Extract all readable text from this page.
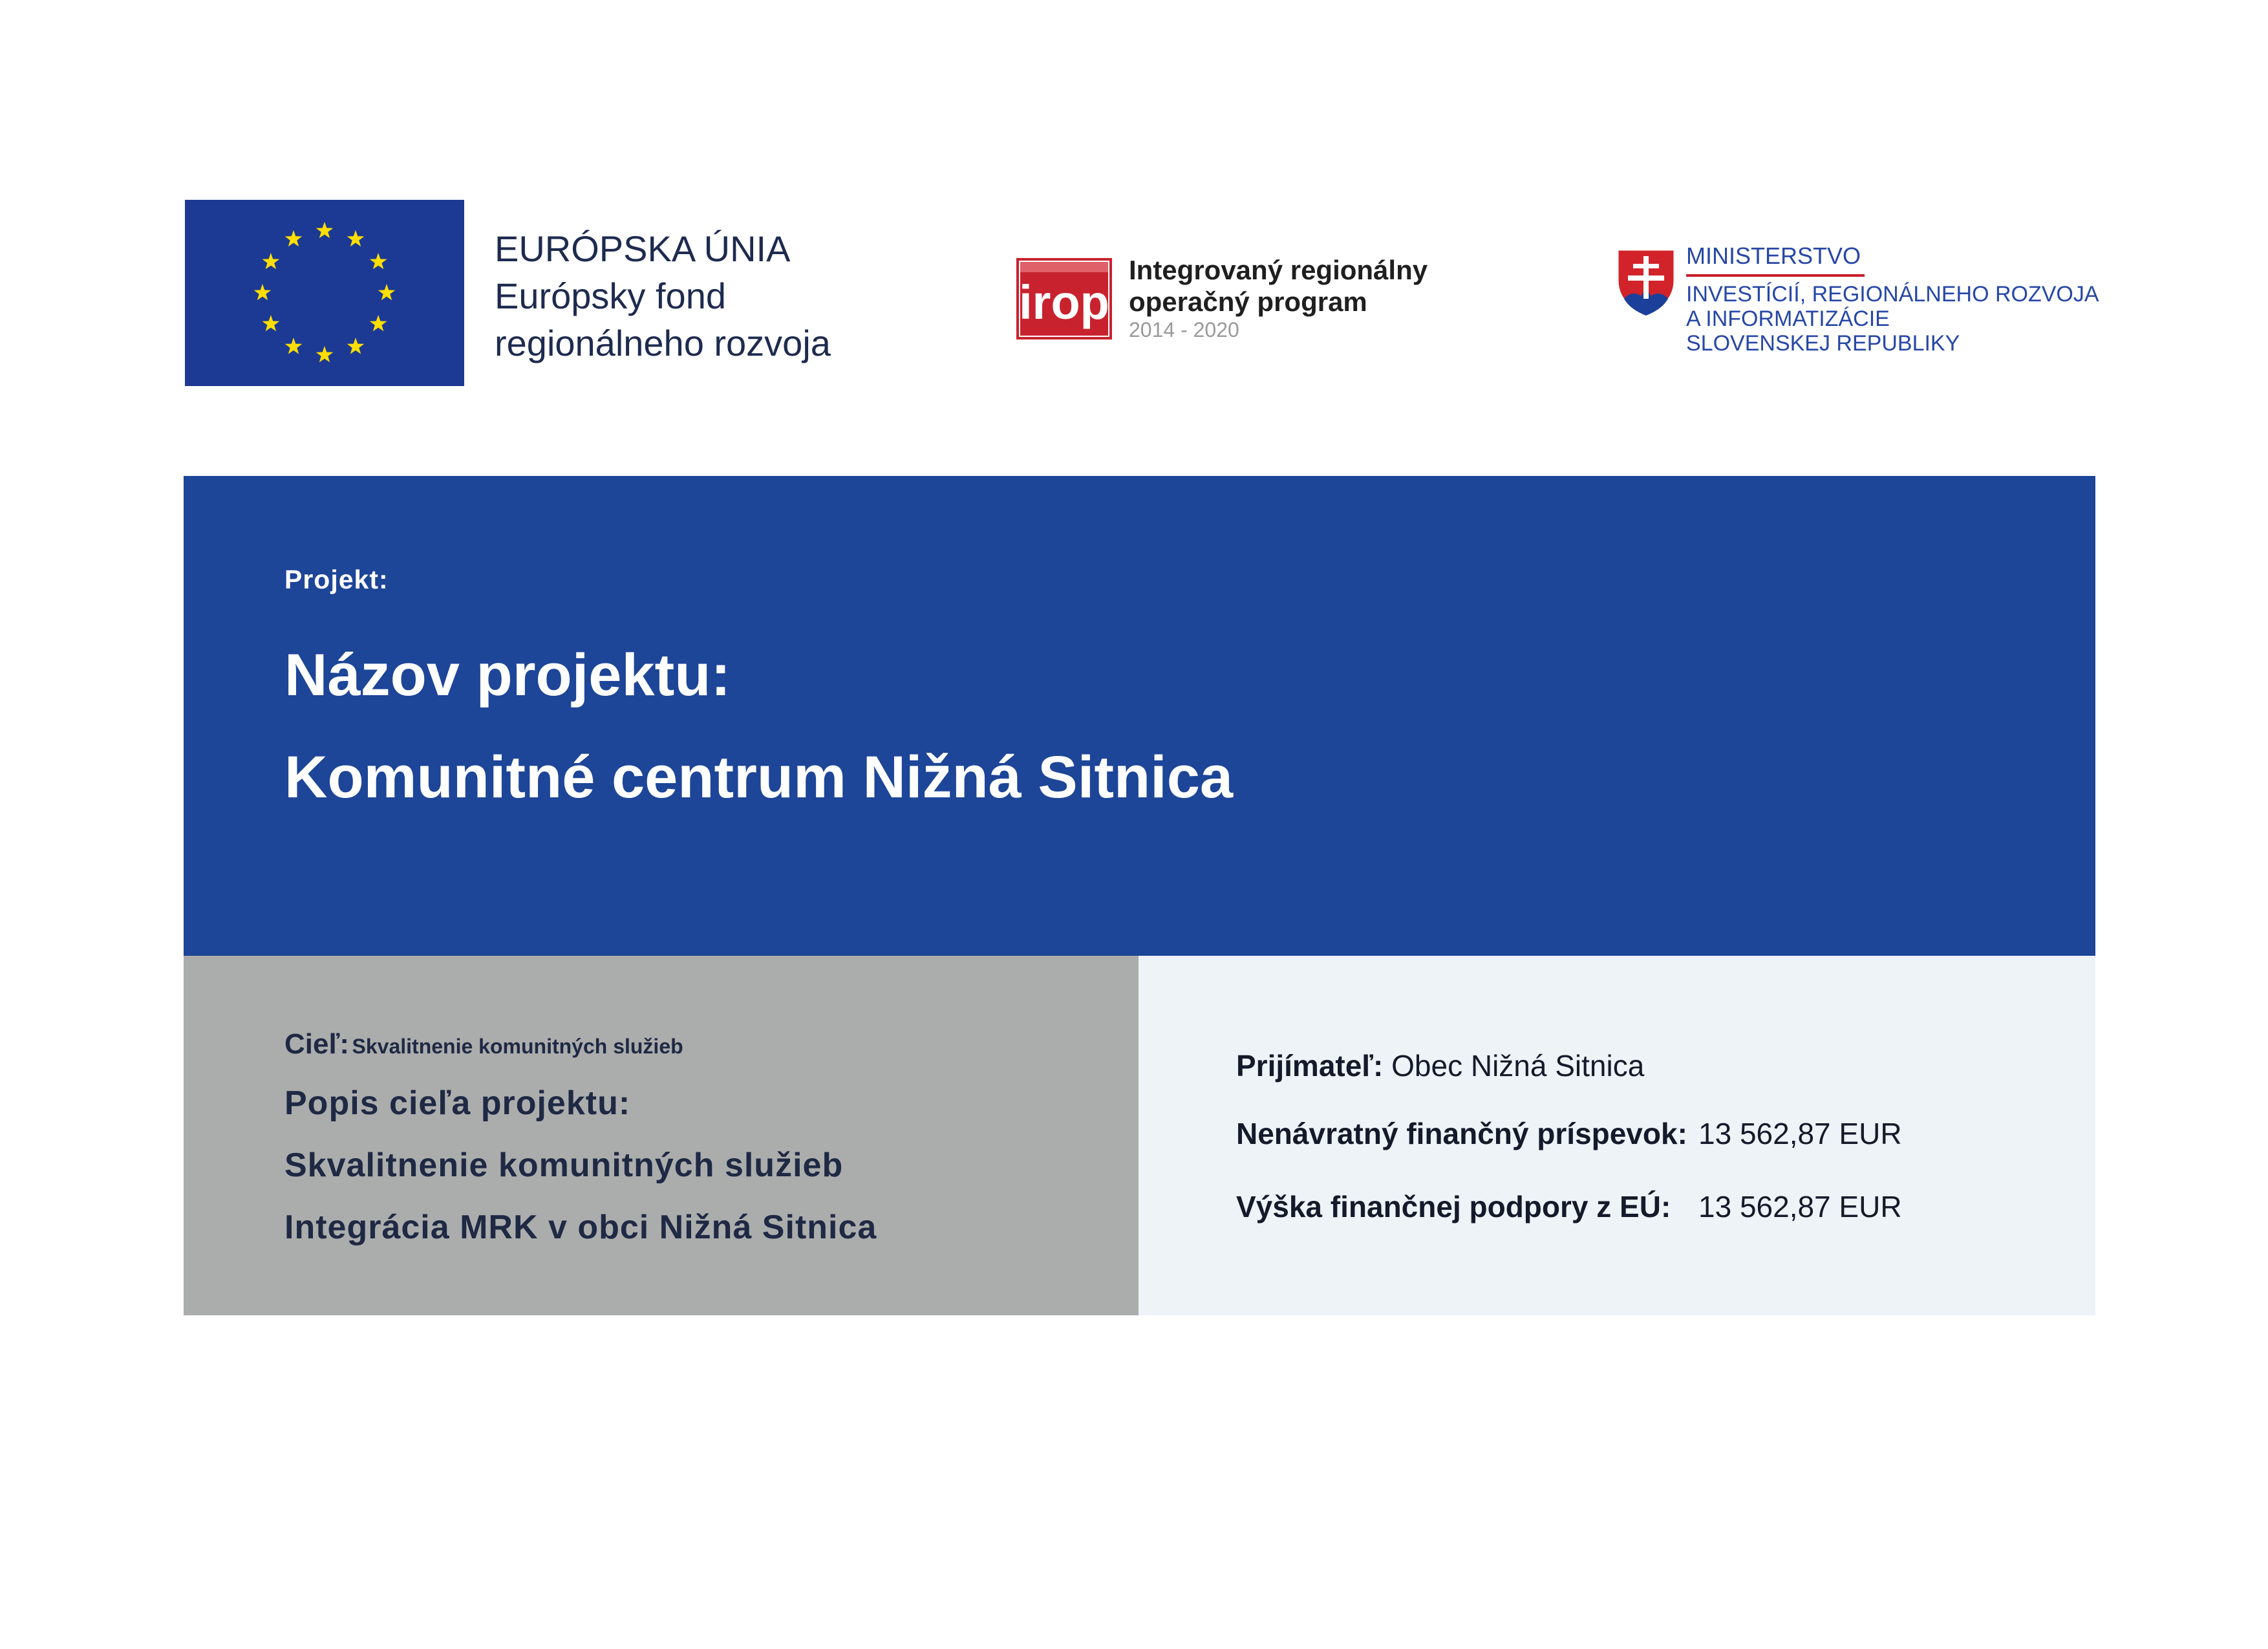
EURÓPSKA ÚNIA
Európsky fond
regionálneho rozvoja
irop
Integrovaný regionálny
operačný program
2014 - 2020
MINISTERSTVO
INVESTÍCIÍ, REGIONÁLNEHO ROZVOJA
A INFORMATIZÁCIE
SLOVENSKEJ REPUBLIKY
Projekt:
Názov projektu:
Komunitné centrum Nižná Sitnica
Cieľ: Skvalitnenie komunitných služieb
Popis cieľa projektu:
Skvalitnenie komunitných služieb
Integrácia MRK v obci Nižná Sitnica
Prijímateľ: Obec Nižná Sitnica
Nenávratný finančný príspevok: 13 562,87 EUR
Výška finančnej podpory z EÚ: 13 562,87 EUR
